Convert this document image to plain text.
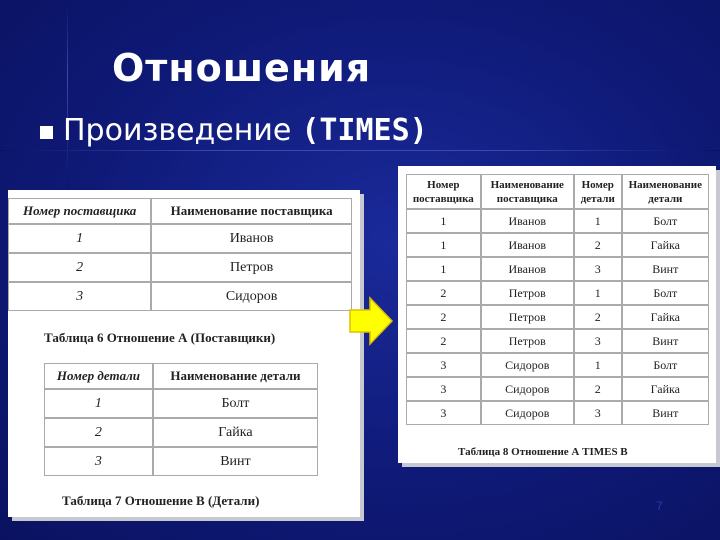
Отношения
Произведение (TIMES)
Номер поставщика	Наименование поставщика
1	Иванов
2	Петров
3	Сидоров
Таблица 6 Отношение А (Поставщики)
Номер детали	Наименование детали
1	Болт
2	Гайка
3	Винт
Таблица 7 Отношение В (Детали)
Номер поставщика	Наименование поставщика	Номер детали	Наименование детали
1	Иванов	1	Болт
1	Иванов	2	Гайка
1	Иванов	3	Винт
2	Петров	1	Болт
2	Петров	2	Гайка
2	Петров	3	Винт
3	Сидоров	1	Болт
3	Сидоров	2	Гайка
3	Сидоров	3	Винт
Таблица 8 Отношение А TIMES В
7
